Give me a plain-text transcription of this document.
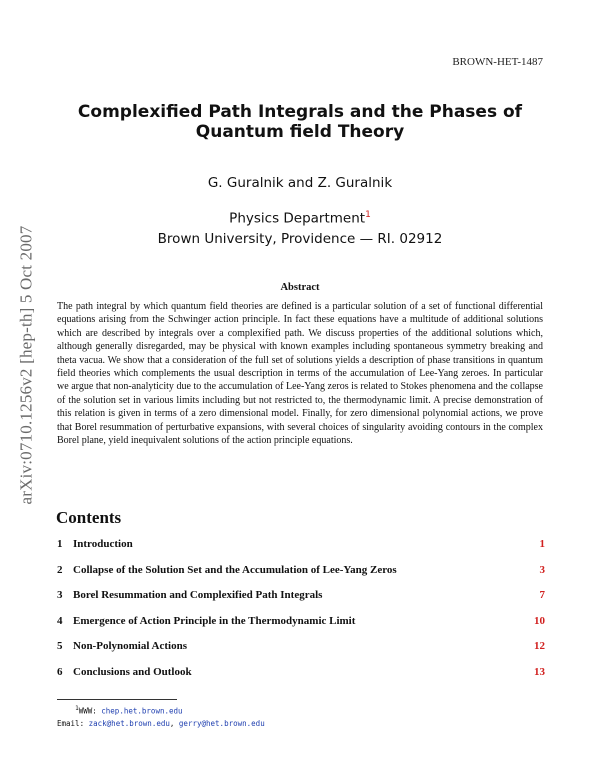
arXiv:0710.1256v2 [hep-th] 5 Oct 2007
BROWN-HET-1487
Complexified Path Integrals and the Phases of
Quantum field Theory
G. Guralnik and Z. Guralnik
Physics Department$^1$
Brown University, Providence — RI. 02912
Abstract

The path integral by which quantum field theories are defined is a particular solution of a set of functional differential equations arising from the Schwinger action principle. In fact these equations have a multitude of additional solutions which are described by integrals over a complexified path. We discuss properties of the additional solutions which, although generally disregarded, may be physical with known examples including spontaneous symmetry breaking and theta vacua. We show that a consideration of the full set of solutions yields a description of phase transitions in quantum field theories which complements the usual description in terms of the accumulation of Lee-Yang zeroes. In particular we argue that non-analyticity due to the accumulation of Lee-Yang zeros is related to Stokes phenomena and the collapse of the solution set in various limits including but not restricted to, the thermodynamic limit. A precise demonstration of this relation is given in terms of a zero dimensional model. Finally, for zero dimensional polynomial actions, we prove that Borel resummation of perturbative expansions, with several choices of singularity avoiding contours in the complex Borel plane, yield inequivalent solutions of the action principle equations.

Contents
1 Introduction	1
2 Collapse of the Solution Set and the Accumulation of Lee-Yang Zeros	3
3 Borel Resummation and Complexified Path Integrals	7
4 Emergence of Action Principle in the Thermodynamic Limit	10
5 Non-Polynomial Actions	12
6 Conclusions and Outlook	13
$^1$WWW: chep.het.brown.edu
Email: zack@het.brown.edu, gerry@het.brown.edu
